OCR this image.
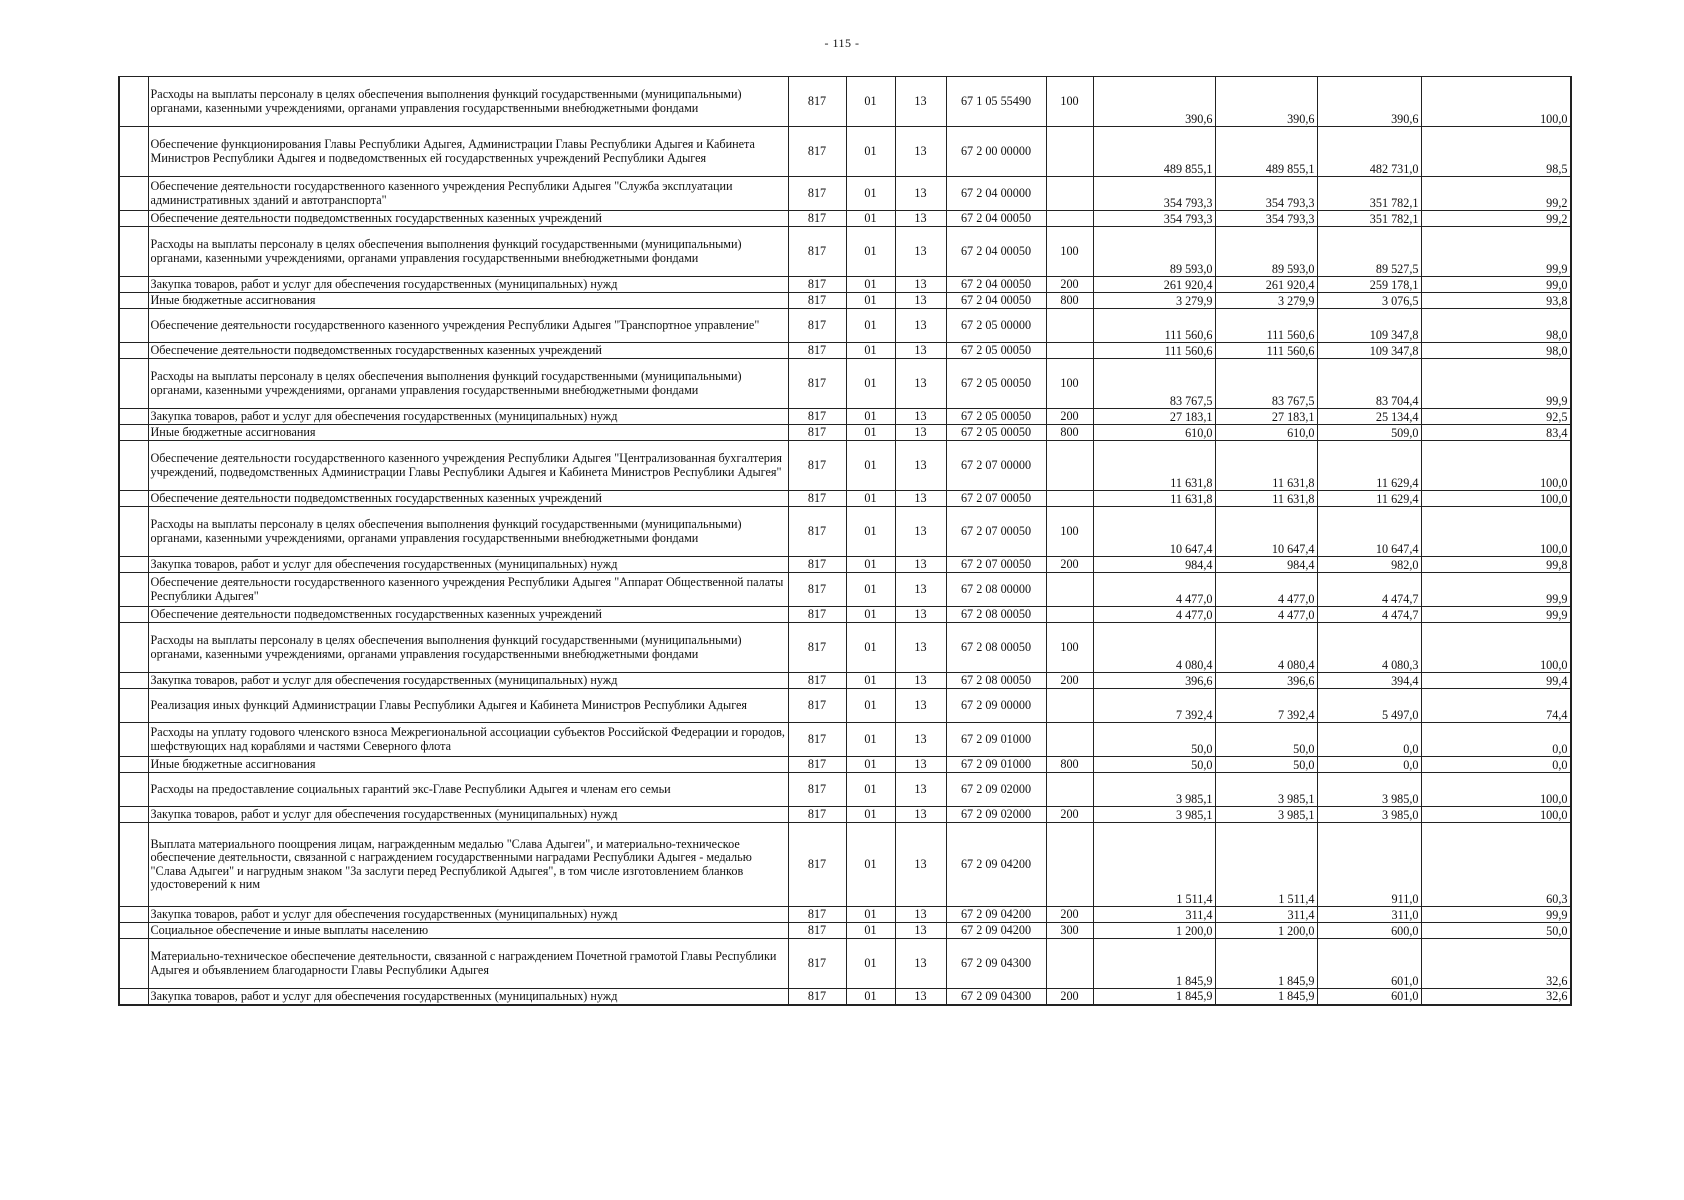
- 115 -
	Расходы на выплаты персоналу в целях обеспечения выполнения функций государственными (муниципальными) органами, казенными учреждениями, органами управления государственными внебюджетными фондами	817	01	13	67 1 05 55490	100	390,6	390,6	390,6	100,0
	Обеспечение функционирования Главы Республики Адыгея, Администрации Главы Республики Адыгея и Кабинета Министров Республики Адыгея и подведомственных ей государственных учреждений Республики Адыгея	817	01	13	67 2 00 00000		489 855,1	489 855,1	482 731,0	98,5
	Обеспечение деятельности государственного казенного учреждения Республики Адыгея "Служба эксплуатации административных зданий и автотранспорта"	817	01	13	67 2 04 00000		354 793,3	354 793,3	351 782,1	99,2
	Обеспечение деятельности подведомственных государственных казенных учреждений	817	01	13	67 2 04 00050		354 793,3	354 793,3	351 782,1	99,2
	Расходы на выплаты персоналу в целях обеспечения выполнения функций государственными (муниципальными) органами, казенными учреждениями, органами управления государственными внебюджетными фондами	817	01	13	67 2 04 00050	100	89 593,0	89 593,0	89 527,5	99,9
	Закупка товаров, работ и услуг для обеспечения государственных (муниципальных) нужд	817	01	13	67 2 04 00050	200	261 920,4	261 920,4	259 178,1	99,0
	Иные бюджетные ассигнования	817	01	13	67 2 04 00050	800	3 279,9	3 279,9	3 076,5	93,8
	Обеспечение деятельности государственного казенного учреждения Республики Адыгея "Транспортное управление"	817	01	13	67 2 05 00000		111 560,6	111 560,6	109 347,8	98,0
	Обеспечение деятельности подведомственных государственных казенных учреждений	817	01	13	67 2 05 00050		111 560,6	111 560,6	109 347,8	98,0
	Расходы на выплаты персоналу в целях обеспечения выполнения функций государственными (муниципальными) органами, казенными учреждениями, органами управления государственными внебюджетными фондами	817	01	13	67 2 05 00050	100	83 767,5	83 767,5	83 704,4	99,9
	Закупка товаров, работ и услуг для обеспечения государственных (муниципальных) нужд	817	01	13	67 2 05 00050	200	27 183,1	27 183,1	25 134,4	92,5
	Иные бюджетные ассигнования	817	01	13	67 2 05 00050	800	610,0	610,0	509,0	83,4
	Обеспечение деятельности государственного казенного учреждения Республики Адыгея "Централизованная бухгалтерия учреждений, подведомственных Администрации Главы Республики Адыгея и Кабинета Министров Республики Адыгея"	817	01	13	67 2 07 00000		11 631,8	11 631,8	11 629,4	100,0
	Обеспечение деятельности подведомственных государственных казенных учреждений	817	01	13	67 2 07 00050		11 631,8	11 631,8	11 629,4	100,0
	Расходы на выплаты персоналу в целях обеспечения выполнения функций государственными (муниципальными) органами, казенными учреждениями, органами управления государственными внебюджетными фондами	817	01	13	67 2 07 00050	100	10 647,4	10 647,4	10 647,4	100,0
	Закупка товаров, работ и услуг для обеспечения государственных (муниципальных) нужд	817	01	13	67 2 07 00050	200	984,4	984,4	982,0	99,8
	Обеспечение деятельности государственного казенного учреждения Республики Адыгея "Аппарат Общественной палаты Республики Адыгея"	817	01	13	67 2 08 00000		4 477,0	4 477,0	4 474,7	99,9
	Обеспечение деятельности подведомственных государственных казенных учреждений	817	01	13	67 2 08 00050		4 477,0	4 477,0	4 474,7	99,9
	Расходы на выплаты персоналу в целях обеспечения выполнения функций государственными (муниципальными) органами, казенными учреждениями, органами управления государственными внебюджетными фондами	817	01	13	67 2 08 00050	100	4 080,4	4 080,4	4 080,3	100,0
	Закупка товаров, работ и услуг для обеспечения государственных (муниципальных) нужд	817	01	13	67 2 08 00050	200	396,6	396,6	394,4	99,4
	Реализация иных функций Администрации Главы Республики Адыгея и Кабинета Министров Республики Адыгея	817	01	13	67 2 09 00000		7 392,4	7 392,4	5 497,0	74,4
	Расходы на уплату годового членского взноса Межрегиональной ассоциации субъектов Российской Федерации и городов, шефствующих над кораблями и частями Северного флота	817	01	13	67 2 09 01000		50,0	50,0	0,0	0,0
	Иные бюджетные ассигнования	817	01	13	67 2 09 01000	800	50,0	50,0	0,0	0,0
	Расходы на предоставление социальных гарантий экс-Главе Республики Адыгея и членам его семьи	817	01	13	67 2 09 02000		3 985,1	3 985,1	3 985,0	100,0
	Закупка товаров, работ и услуг для обеспечения государственных (муниципальных) нужд	817	01	13	67 2 09 02000	200	3 985,1	3 985,1	3 985,0	100,0
	Выплата материального поощрения лицам, награжденным медалью "Слава Адыгеи", и материально-техническое обеспечение деятельности, связанной с награждением государственными наградами Республики Адыгея - медалью "Слава Адыгеи" и нагрудным знаком "За заслуги перед Республикой Адыгея", в том числе изготовлением бланков удостоверений к ним	817	01	13	67 2 09 04200		1 511,4	1 511,4	911,0	60,3
	Закупка товаров, работ и услуг для обеспечения государственных (муниципальных) нужд	817	01	13	67 2 09 04200	200	311,4	311,4	311,0	99,9
	Социальное обеспечение и иные выплаты населению	817	01	13	67 2 09 04200	300	1 200,0	1 200,0	600,0	50,0
	Материально-техническое обеспечение деятельности, связанной с награждением Почетной грамотой Главы Республики Адыгея и объявлением благодарности Главы Республики Адыгея	817	01	13	67 2 09 04300		1 845,9	1 845,9	601,0	32,6
	Закупка товаров, работ и услуг для обеспечения государственных (муниципальных) нужд	817	01	13	67 2 09 04300	200	1 845,9	1 845,9	601,0	32,6
